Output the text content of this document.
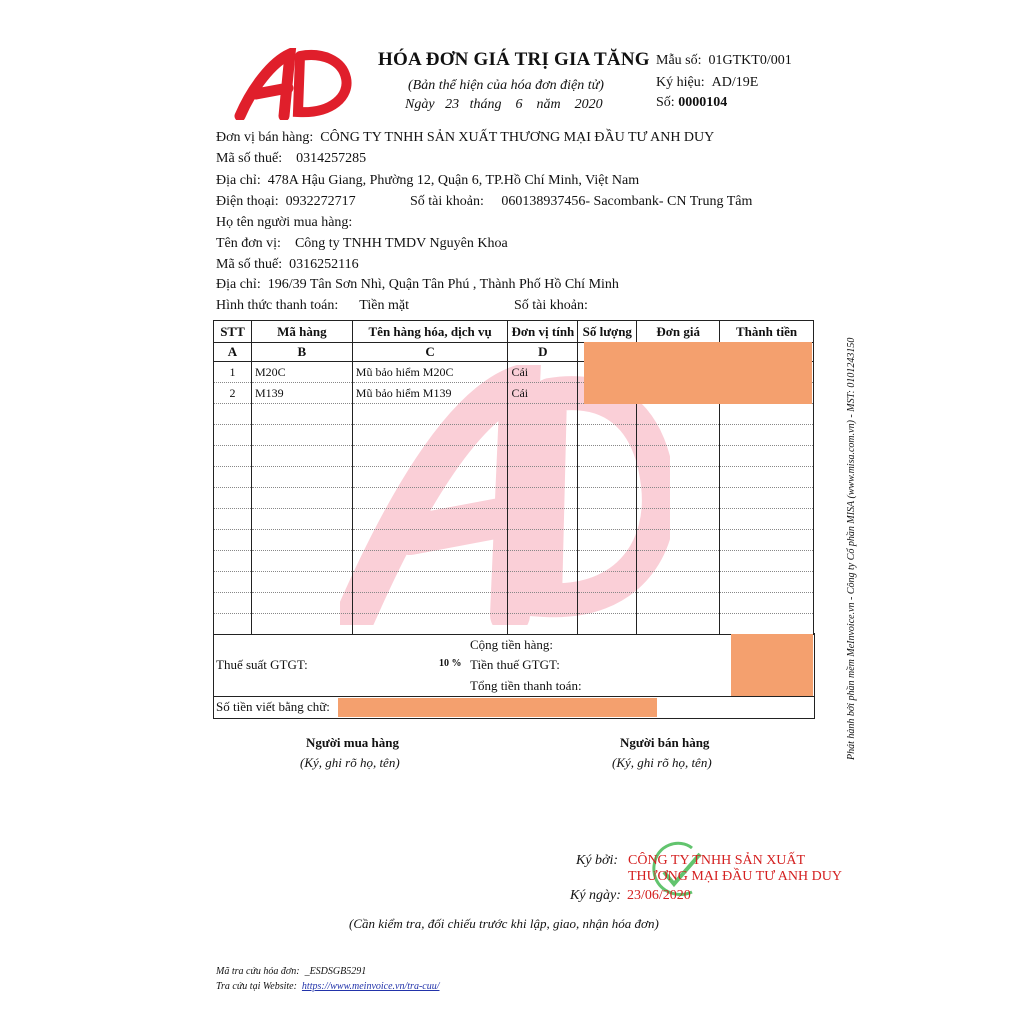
HÓA ĐƠN GIÁ TRỊ GIA TĂNG
(Bản thể hiện của hóa đơn điện tử)
Ngày 23 tháng 6 năm 2020
Mẫu số: 01GTKT0/001
Ký hiệu: AD/19E
Số: 0000104
Đơn vị bán hàng: CÔNG TY TNHH SẢN XUẤT THƯƠNG MẠI ĐẦU TƯ ANH DUY
Mã số thuế: 0314257285
Địa chỉ: 478A Hậu Giang, Phường 12, Quận 6, TP.Hồ Chí Minh, Việt Nam
Điện thoại: 0932272717	Số tài khoản: 060138937456- Sacombank- CN Trung Tâm
Họ tên người mua hàng:
Tên đơn vị: Công ty TNHH TMDV Nguyên Khoa
Mã số thuế: 0316252116
Địa chỉ: 196/39 Tân Sơn Nhì, Quận Tân Phú , Thành Phố Hồ Chí Minh
Hình thức thanh toán: Tiền mặt	Số tài khoản:
STT	Mã hàng	Tên hàng hóa, dịch vụ	Đơn vị tính	Số lượng	Đơn giá	Thành tiền
A	B	C	D			
1	M20C	Mũ bảo hiểm M20C	Cái			
2	M139	Mũ bảo hiểm M139	Cái			

Cộng tiền hàng:
Thuế suất GTGT:	10 % Tiền thuế GTGT:
Tổng tiền thanh toán:
Số tiền viết bằng chữ:
Người mua hàng
(Ký, ghi rõ họ, tên)
Người bán hàng
(Ký, ghi rõ họ, tên)
Ký bởi: CÔNG TY TNHH SẢN XUẤT
THƯƠNG MẠI ĐẦU TƯ ANH DUY
Ký ngày: 23/06/2020
(Cần kiểm tra, đối chiếu trước khi lập, giao, nhận hóa đơn)
Phát hành bởi phần mềm MeInvoice.vn - Công ty Cổ phần MISA (www.misa.com.vn) - MST: 0101243150
Mã tra cứu hóa đơn: _ESDSGB5291
Tra cứu tại Website: https://www.meinvoice.vn/tra-cuu/
